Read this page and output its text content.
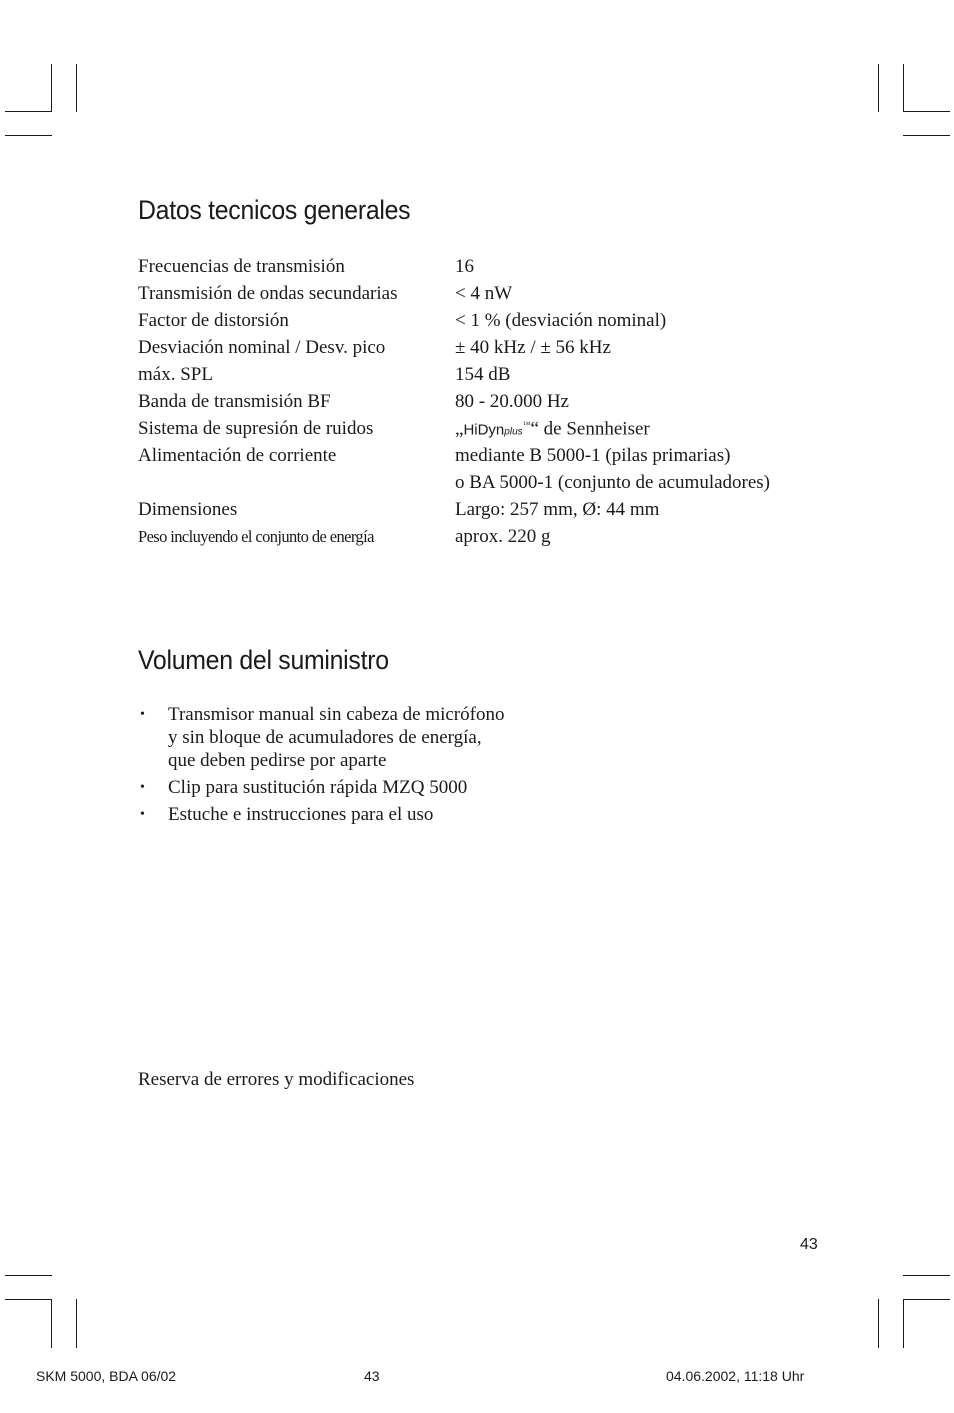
Datos tecnicos generales
Frecuencias de transmisión	16
Transmisión de ondas secundarias	< 4 nW
Factor de distorsión	< 1 % (desviación nominal)
Desviación nominal / Desv. pico	± 40 kHz / ± 56 kHz
máx. SPL	154 dB
Banda de transmisión BF	80 - 20.000 Hz
Sistema de supresión de ruidos	„HiDynplus™“ de Sennheiser
Alimentación de corriente	mediante B 5000-1 (pilas primarias)
o BA 5000-1 (conjunto de acumuladores)
Dimensiones	Largo: 257 mm, Ø: 44 mm
Peso incluyendo el conjunto de energía	aprox. 220 g
Volumen del suministro
• Transmisor manual sin cabeza de micrófono
y sin bloque de acumuladores de energía,
que deben pedirse por aparte
• Clip para sustitución rápida MZQ 5000
• Estuche e instrucciones para el uso
Reserva de errores y modificaciones
43
SKM 5000, BDA 06/02	43	04.06.2002, 11:18 Uhr
